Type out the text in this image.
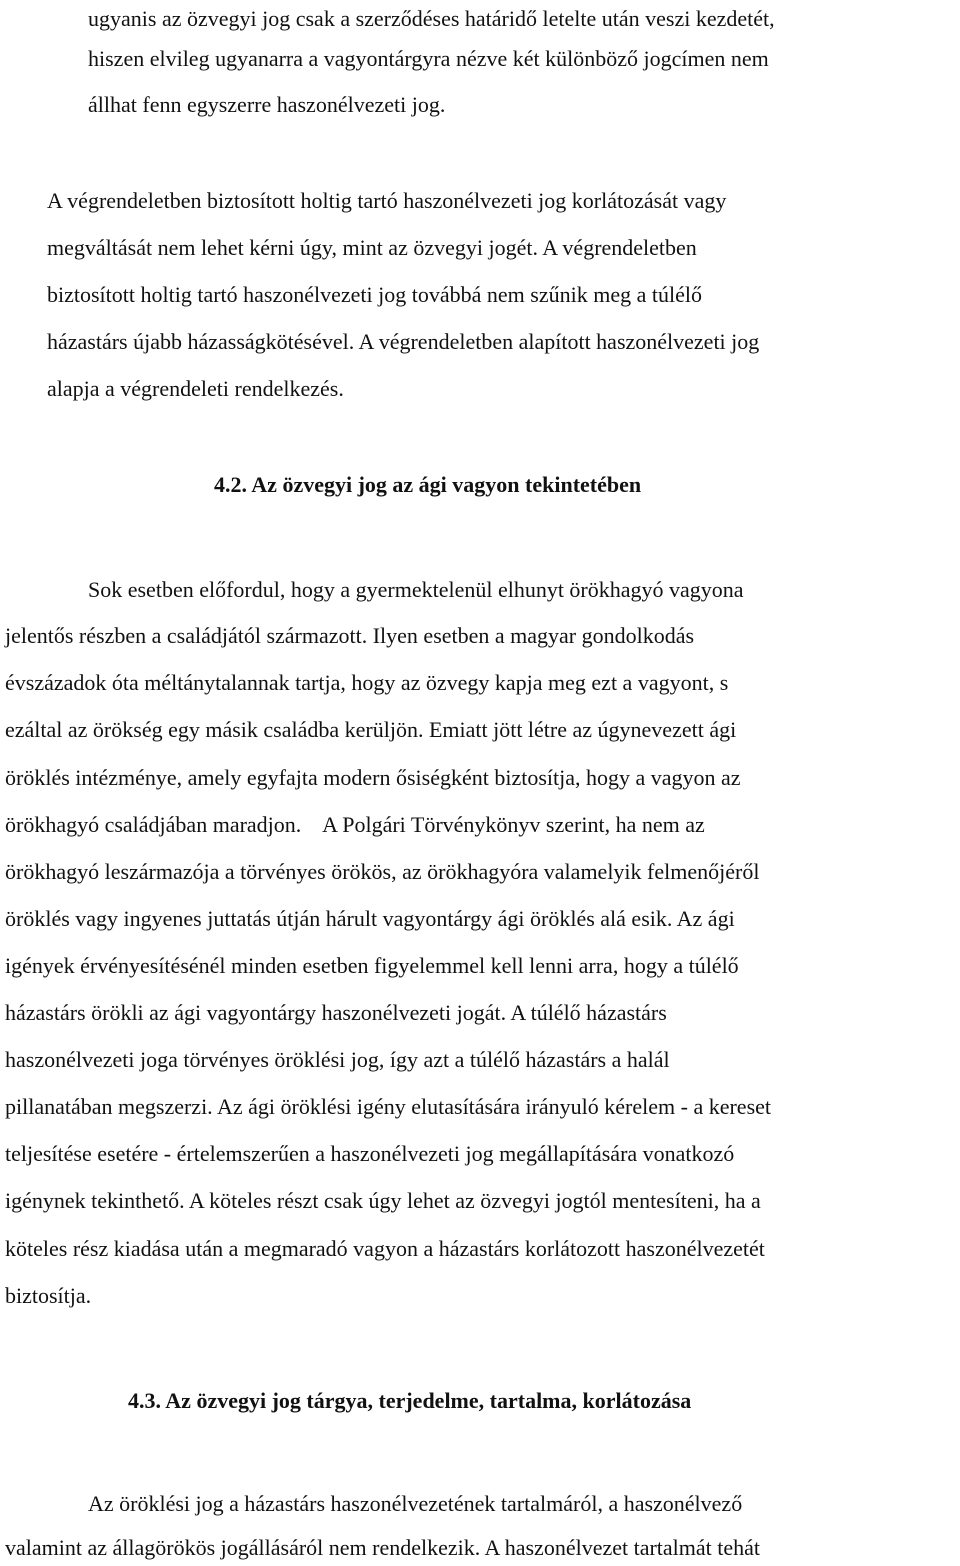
ugyanis az özvegyi jog csak a szerződéses határidő letelte után veszi kezdetét,

hiszen elvileg ugyanarra a vagyontárgyra nézve két különböző jogcímen nem

állhat fenn egyszerre haszonélvezeti jog.

A végrendeletben biztosított holtig tartó haszonélvezeti jog korlátozását vagy

megváltását nem lehet kérni úgy, mint az özvegyi jogét. A végrendeletben

biztosított holtig tartó haszonélvezeti jog továbbá nem szűnik meg a túlélő

házastárs újabb házasságkötésével. A végrendeletben alapított haszonélvezeti jog

alapja a végrendeleti rendelkezés.

4.2. Az özvegyi jog az ági vagyon tekintetében

Sok esetben előfordul, hogy a gyermektelenül elhunyt örökhagyó vagyona

jelentős részben a családjától származott. Ilyen esetben a magyar gondolkodás

évszázadok óta méltánytalannak tartja, hogy az özvegy kapja meg ezt a vagyont, s

ezáltal az örökség egy másik családba kerüljön. Emiatt jött létre az úgynevezett ági

öröklés intézménye, amely egyfajta modern ősiségként biztosítja, hogy a vagyon az

örökhagyó családjában maradjon.    A Polgári Törvénykönyv szerint, ha nem az

örökhagyó leszármazója a törvényes örökös, az örökhagyóra valamelyik felmenőjéről

öröklés vagy ingyenes juttatás útján hárult vagyontárgy ági öröklés alá esik. Az ági

igények érvényesítésénél minden esetben figyelemmel kell lenni arra, hogy a túlélő

házastárs örökli az ági vagyontárgy haszonélvezeti jogát. A túlélő házastárs

haszonélvezeti joga törvényes öröklési jog, így azt a túlélő házastárs a halál

pillanatában megszerzi. Az ági öröklési igény elutasítására irányuló kérelem - a kereset

teljesítése esetére - értelemszerűen a haszonélvezeti jog megállapítására vonatkozó

igénynek tekinthető. A köteles részt csak úgy lehet az özvegyi jogtól mentesíteni, ha a

köteles rész kiadása után a megmaradó vagyon a házastárs korlátozott haszonélvezetét

biztosítja.

4.3. Az özvegyi jog tárgya, terjedelme, tartalma, korlátozása

Az öröklési jog a házastárs haszonélvezetének tartalmáról, a haszonélvező

valamint az állagörökös jogállásáról nem rendelkezik. A haszonélvezet tartalmát tehát
